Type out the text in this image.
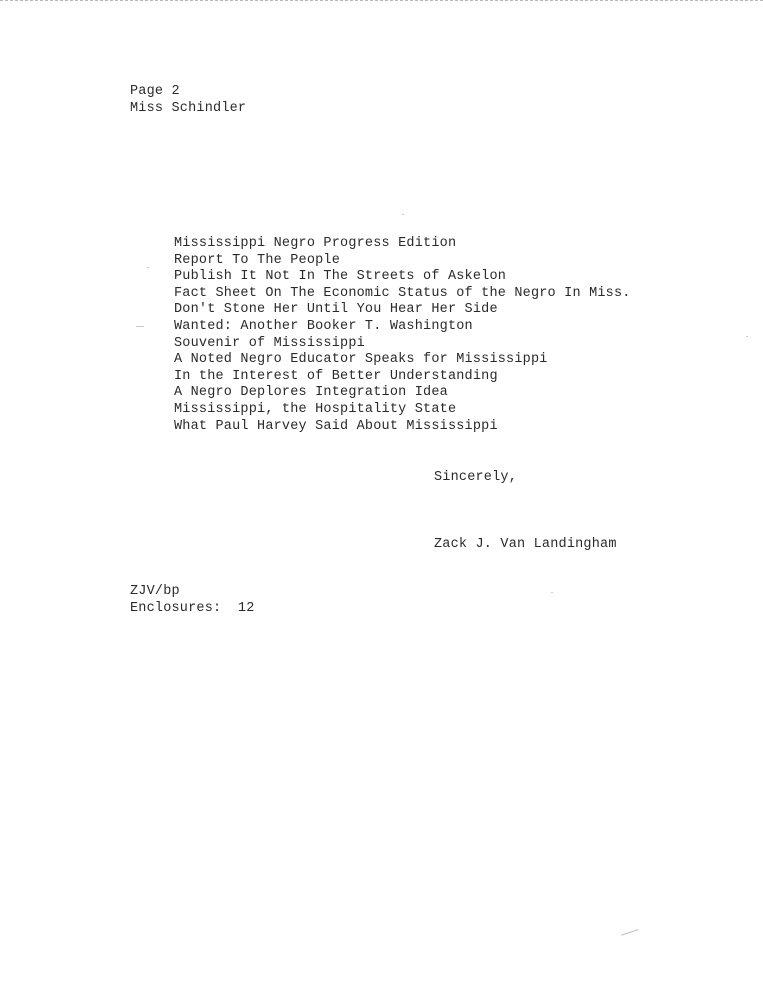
Page 2
Miss Schindler
Mississippi Negro Progress Edition
Report To The People
Publish It Not In The Streets of Askelon
Fact Sheet On The Economic Status of the Negro In Miss.
Don't Stone Her Until You Hear Her Side
Wanted: Another Booker T. Washington
Souvenir of Mississippi
A Noted Negro Educator Speaks for Mississippi
In the Interest of Better Understanding
A Negro Deplores Integration Idea
Mississippi, the Hospitality State
What Paul Harvey Said About Mississippi
Sincerely,
Zack J. Van Landingham
ZJV/bp
Enclosures:  12
